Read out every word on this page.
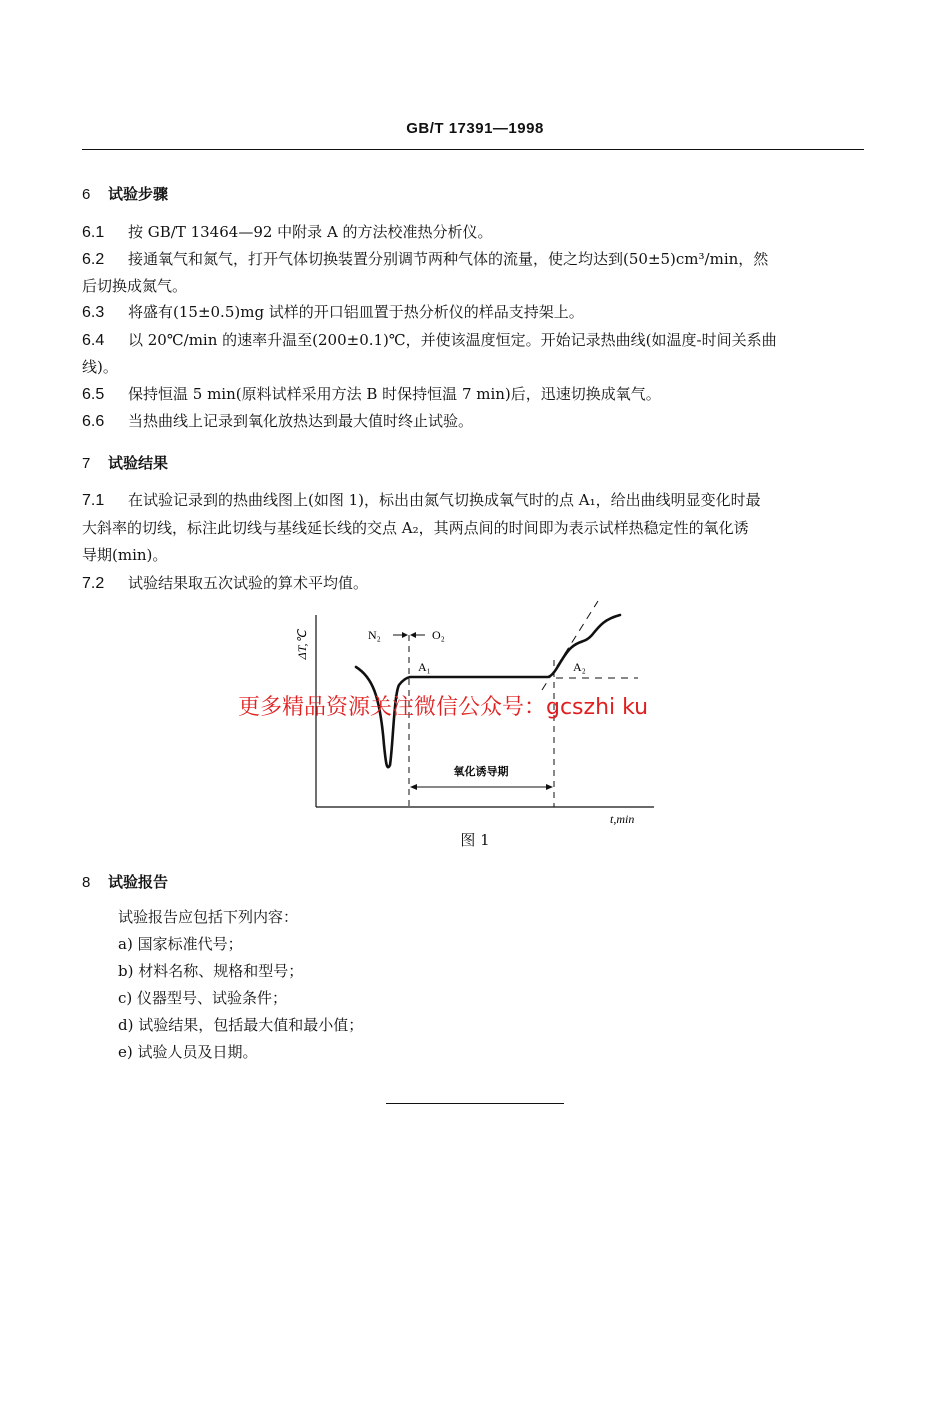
GB/T 17391—1998
6 试验步骤
6.1 按 GB/T 13464—92 中附录 A 的方法校准热分析仪。
6.2 接通氧气和氮气，打开气体切换装置分别调节两种气体的流量，使之均达到(50±5)cm³/min，然
后切换成氮气。
6.3 将盛有(15±0.5)mg 试样的开口铝皿置于热分析仪的样品支持架上。
6.4 以 20℃/min 的速率升温至(200±0.1)℃，并使该温度恒定。开始记录热曲线(如温度-时间关系曲
线)。
6.5 保持恒温 5 min(原料试样采用方法 B 时保持恒温 7 min)后，迅速切换成氧气。
6.6 当热曲线上记录到氧化放热达到最大值时终止试验。
7 试验结果
7.1 在试验记录到的热曲线图上(如图 1)，标出由氮气切换成氧气时的点 A₁，给出曲线明显变化时最
大斜率的切线，标注此切线与基线延长线的交点 A₂，其两点间的时间即为表示试样热稳定性的氧化诱
导期(min)。
7.2 试验结果取五次试验的算术平均值。
ΔT,℃	N₂	O₂
A₁	A₂
氧化诱导期
t,min
更多精品资源关注微信公众号：gcszhi ku
图 1
8 试验报告
试验报告应包括下列内容：
a) 国家标准代号；
b) 材料名称、规格和型号；
c) 仪器型号、试验条件；
d) 试验结果，包括最大值和最小值；
e) 试验人员及日期。
